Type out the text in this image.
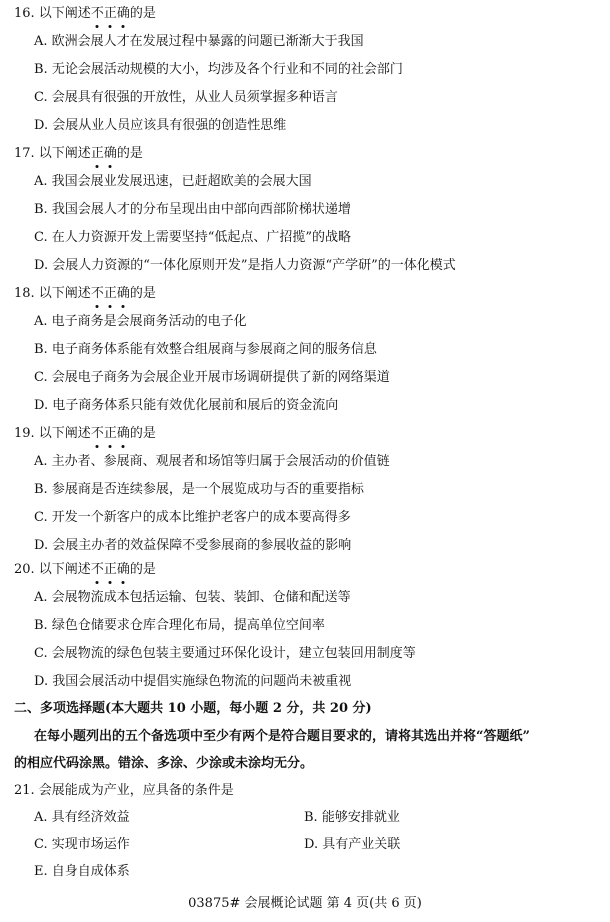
16. 以下阐述不正确的是
A. 欧洲会展人才在发展过程中暴露的问题已渐渐大于我国
B. 无论会展活动规模的大小，均涉及各个行业和不同的社会部门
C. 会展具有很强的开放性，从业人员须掌握多种语言
D. 会展从业人员应该具有很强的创造性思维
17. 以下阐述正确的是
A. 我国会展业发展迅速，已赶超欧美的会展大国
B. 我国会展人才的分布呈现出由中部向西部阶梯状递增
C. 在人力资源开发上需要坚持“低起点、广招揽”的战略
D. 会展人力资源的“一体化原则开发”是指人力资源“产学研”的一体化模式
18. 以下阐述不正确的是
A. 电子商务是会展商务活动的电子化
B. 电子商务体系能有效整合组展商与参展商之间的服务信息
C. 会展电子商务为会展企业开展市场调研提供了新的网络渠道
D. 电子商务体系只能有效优化展前和展后的资金流向
19. 以下阐述不正确的是
A. 主办者、参展商、观展者和场馆等归属于会展活动的价值链
B. 参展商是否连续参展，是一个展览成功与否的重要指标
C. 开发一个新客户的成本比维护老客户的成本要高得多
D. 会展主办者的效益保障不受参展商的参展收益的影响
20. 以下阐述不正确的是
A. 会展物流成本包括运输、包装、装卸、仓储和配送等
B. 绿色仓储要求仓库合理化布局，提高单位空间率
C. 会展物流的绿色包装主要通过环保化设计，建立包装回用制度等
D. 我国会展活动中提倡实施绿色物流的问题尚未被重视
二、多项选择题(本大题共 10 小题，每小题 2 分，共 20 分)
在每小题列出的五个备选项中至少有两个是符合题目要求的，请将其选出并将“答题纸”
的相应代码涂黑。错涂、多涂、少涂或未涂均无分。
21. 会展能成为产业，应具备的条件是
A. 具有经济效益	B. 能够安排就业
C. 实现市场运作	D. 具有产业关联
E. 自身自成体系
03875# 会展概论试题 第 4 页(共 6 页)
